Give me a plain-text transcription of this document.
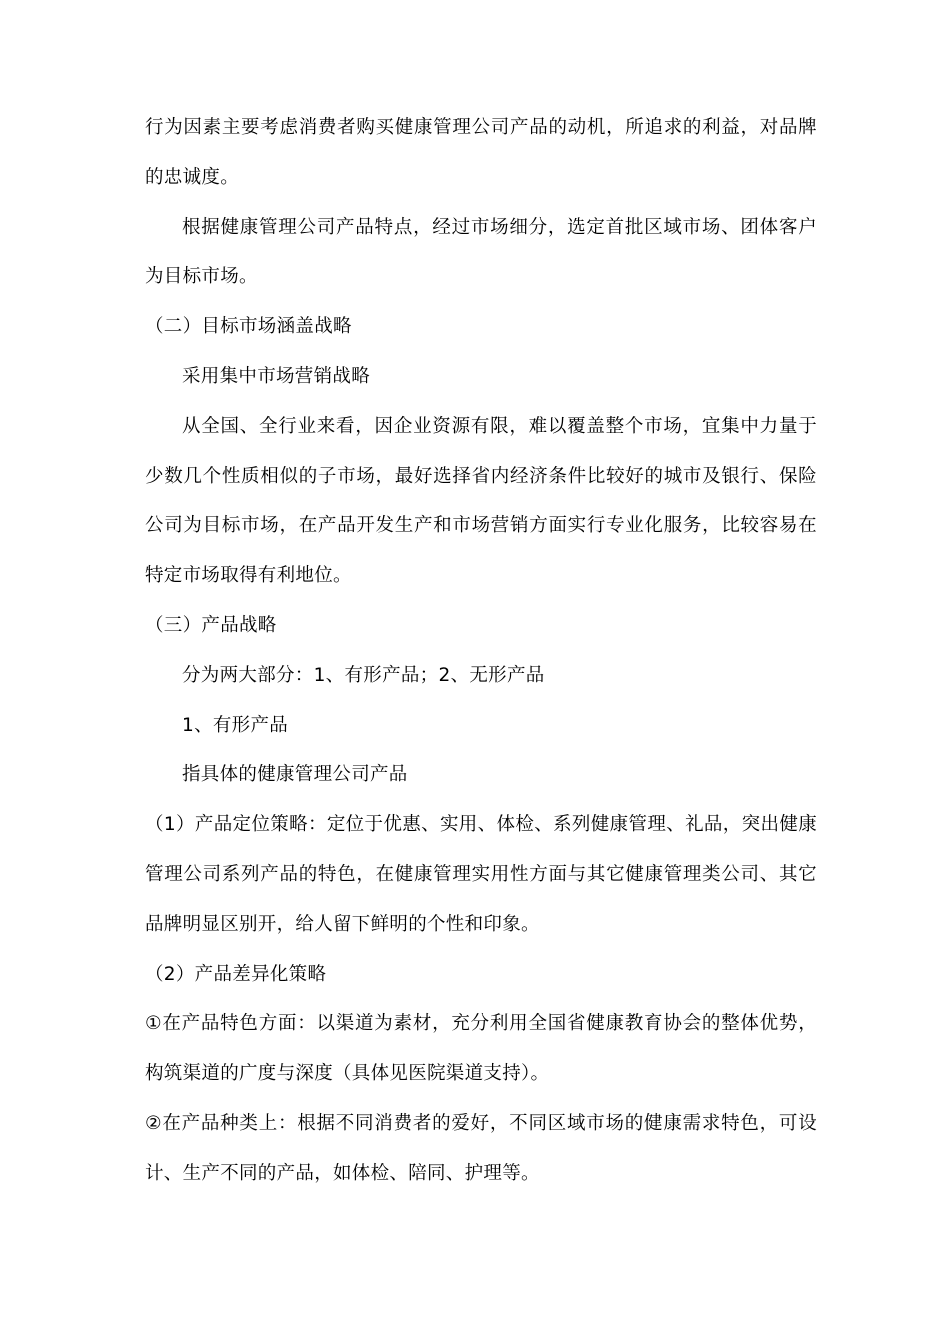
行为因素主要考虑消费者购买健康管理公司产品的动机，所追求的利益，对品牌的忠诚度。

根据健康管理公司产品特点，经过市场细分，选定首批区域市场、团体客户为目标市场。

（二）目标市场涵盖战略

采用集中市场营销战略

从全国、全行业来看，因企业资源有限，难以覆盖整个市场，宜集中力量于少数几个性质相似的子市场，最好选择省内经济条件比较好的城市及银行、保险公司为目标市场，在产品开发生产和市场营销方面实行专业化服务，比较容易在特定市场取得有利地位。

（三）产品战略

分为两大部分：1、有形产品；2、无形产品

1、有形产品

指具体的健康管理公司产品

（1）产品定位策略：定位于优惠、实用、体检、系列健康管理、礼品，突出健康管理公司系列产品的特色，在健康管理实用性方面与其它健康管理类公司、其它品牌明显区别开，给人留下鲜明的个性和印象。

（2）产品差异化策略

①在产品特色方面：以渠道为素材，充分利用全国省健康教育协会的整体优势，构筑渠道的广度与深度（具体见医院渠道支持）。

②在产品种类上：根据不同消费者的爱好，不同区域市场的健康需求特色，可设计、生产不同的产品，如体检、陪同、护理等。
